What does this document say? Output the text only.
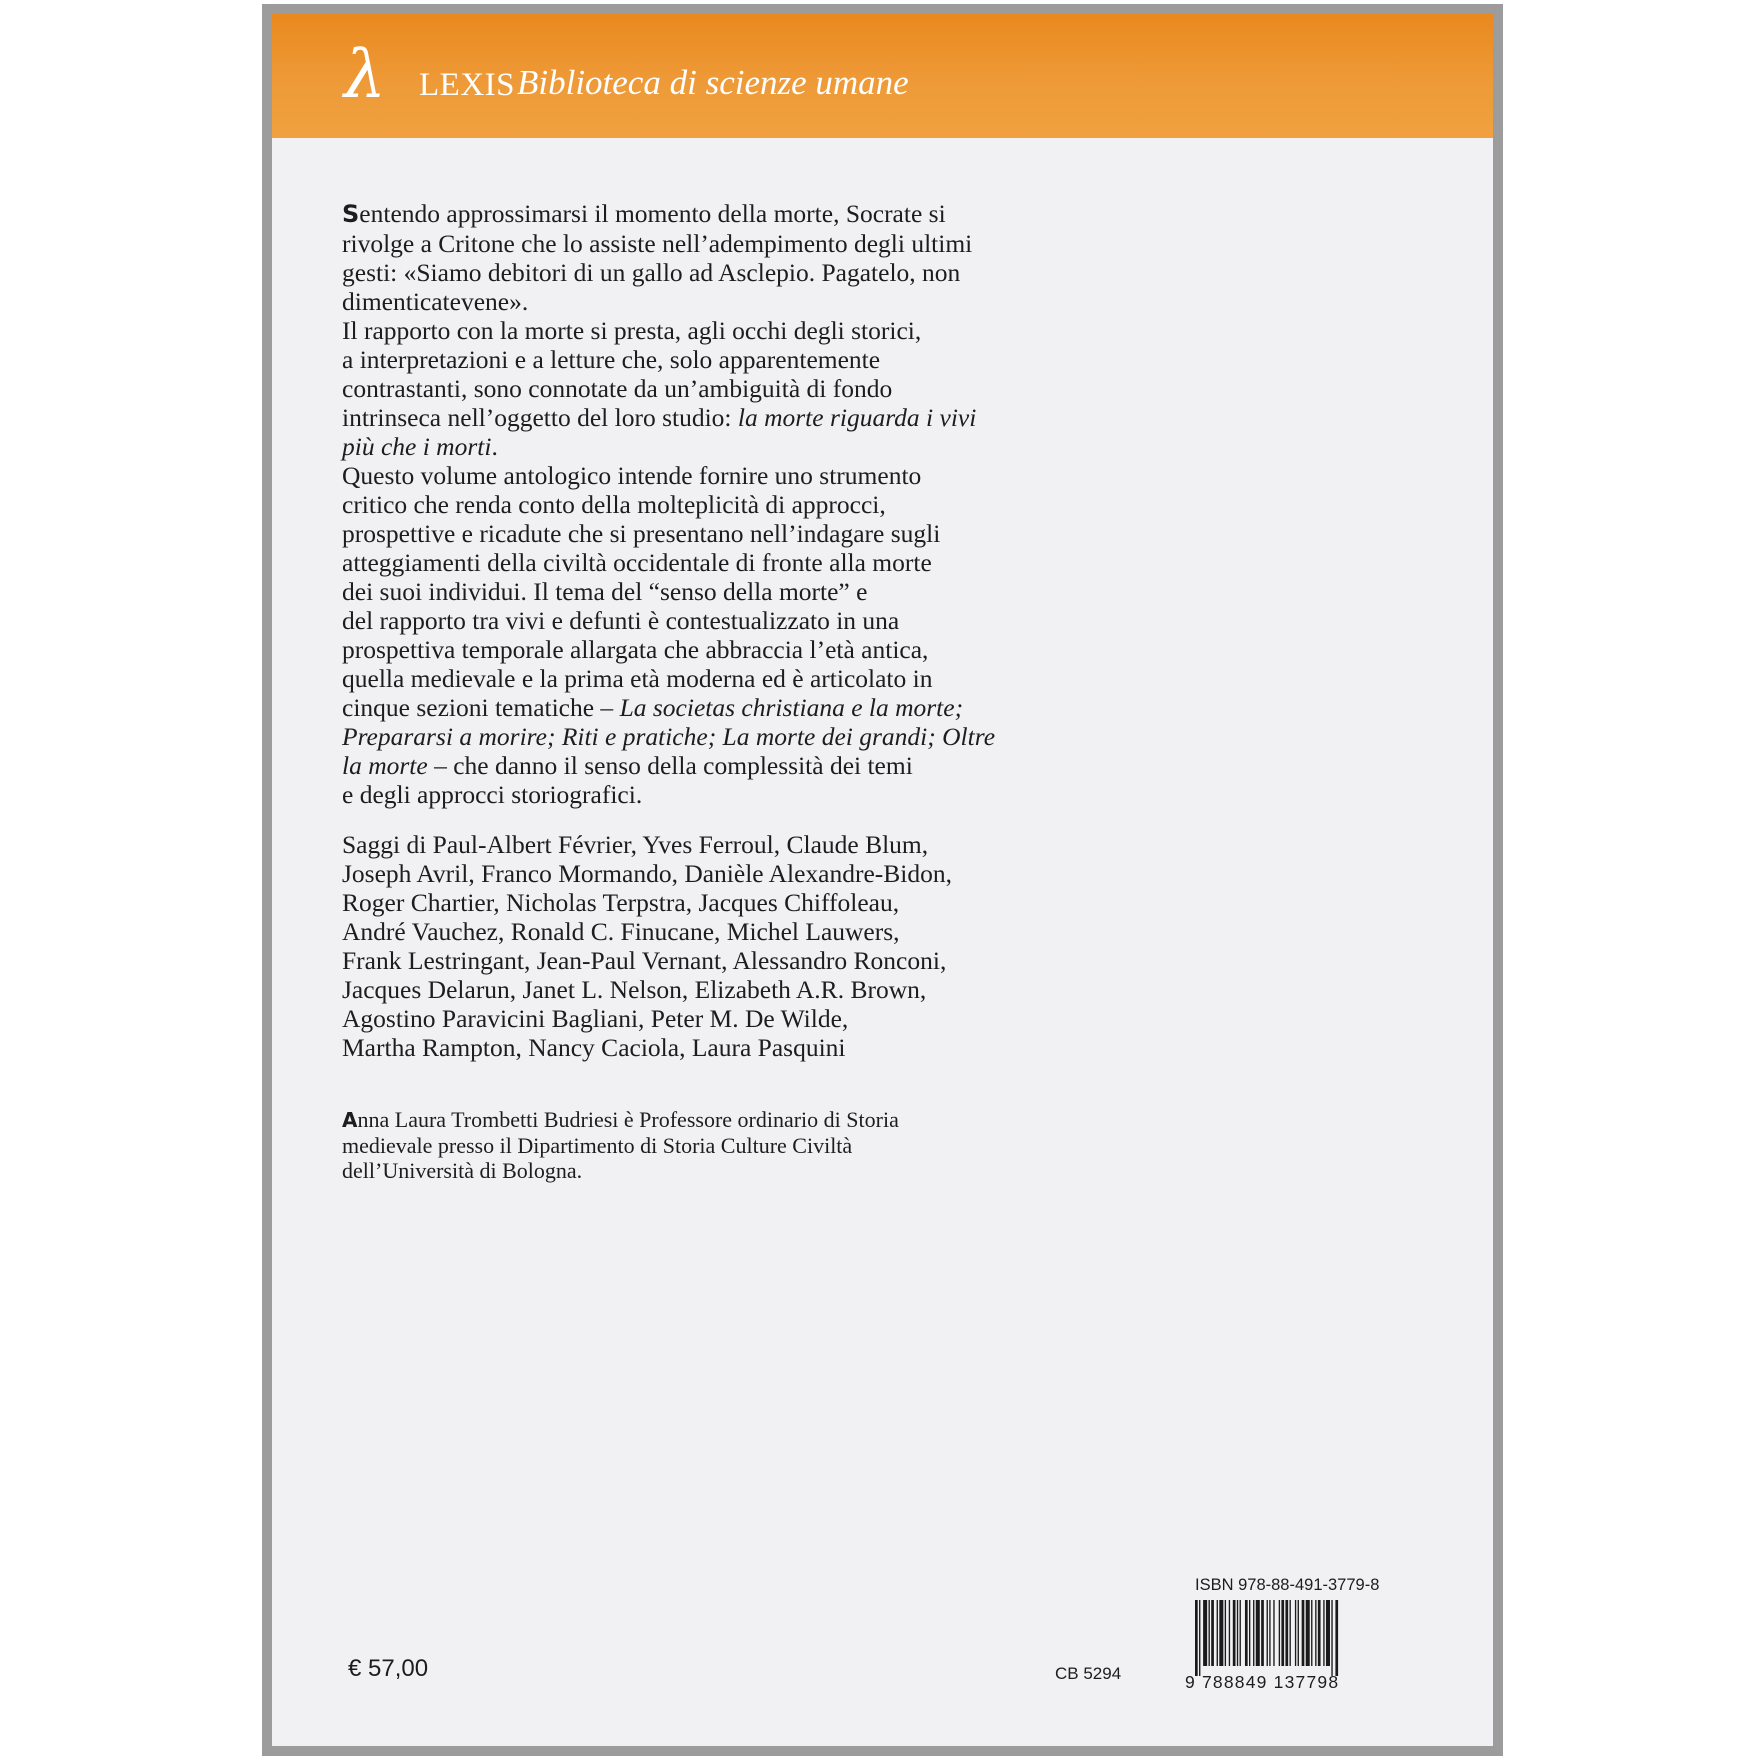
λ LEXIS Biblioteca di scienze umane
Sentendo approssimarsi il momento della morte, Socrate si
rivolge a Critone che lo assiste nell’adempimento degli ultimi
gesti: «Siamo debitori di un gallo ad Asclepio. Pagatelo, non
dimenticatevene».
Il rapporto con la morte si presta, agli occhi degli storici,
a interpretazioni e a letture che, solo apparentemente
contrastanti, sono connotate da un’ambiguità di fondo
intrinseca nell’oggetto del loro studio: la morte riguarda i vivi
più che i morti.
Questo volume antologico intende fornire uno strumento
critico che renda conto della molteplicità di approcci,
prospettive e ricadute che si presentano nell’indagare sugli
atteggiamenti della civiltà occidentale di fronte alla morte
dei suoi individui. Il tema del “senso della morte” e
del rapporto tra vivi e defunti è contestualizzato in una
prospettiva temporale allargata che abbraccia l’età antica,
quella medievale e la prima età moderna ed è articolato in
cinque sezioni tematiche – La societas christiana e la morte;
Prepararsi a morire; Riti e pratiche; La morte dei grandi; Oltre
la morte – che danno il senso della complessità dei temi
e degli approcci storiografici.
Saggi di Paul-Albert Février, Yves Ferroul, Claude Blum,
Joseph Avril, Franco Mormando, Danièle Alexandre-Bidon,
Roger Chartier, Nicholas Terpstra, Jacques Chiffoleau,
André Vauchez, Ronald C. Finucane, Michel Lauwers,
Frank Lestringant, Jean-Paul Vernant, Alessandro Ronconi,
Jacques Delarun, Janet L. Nelson, Elizabeth A.R. Brown,
Agostino Paravicini Bagliani, Peter M. De Wilde,
Martha Rampton, Nancy Caciola, Laura Pasquini
Anna Laura Trombetti Budriesi è Professore ordinario di Storia
medievale presso il Dipartimento di Storia Culture Civiltà
dell’Università di Bologna.
€ 57,00	CB 5294
ISBN 978-88-491-3779-8
9 788849 137798
